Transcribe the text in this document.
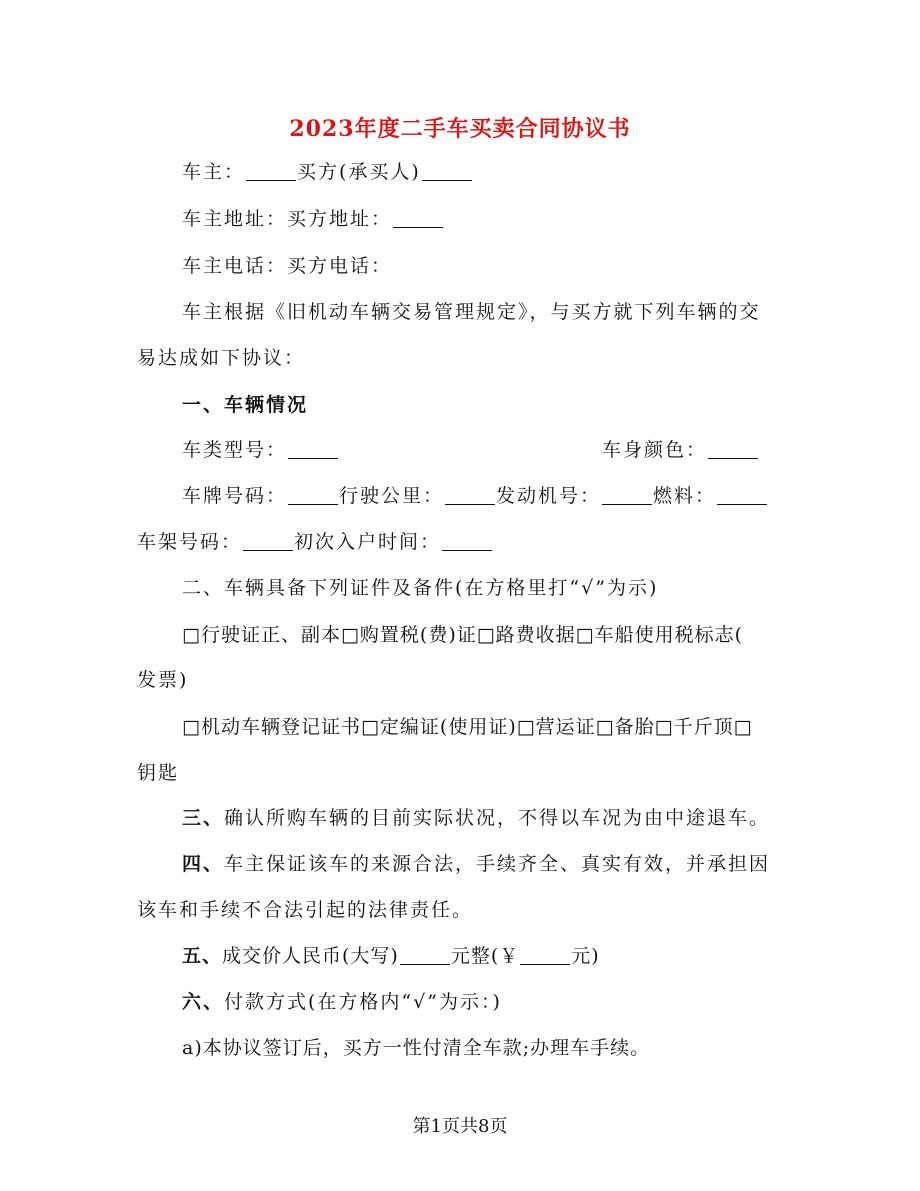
2023年度二手车买卖合同协议书
车主：	买方(承买人)
车主地址：买方地址：
车主电话：买方电话：
车主根据《旧机动车辆交易管理规定》，与买方就下列车辆的交
易达成如下协议：
一、车辆情况
车类型号：	车身颜色：
车牌号码：	行驶公里：	发动机号：	燃料：
车架号码：	初次入户时间：
二、车辆具备下列证件及备件(在方格里打“√”为示)
□行驶证正、副本□购置税(费)证□路费收据□车船使用税标志(
发票)
□机动车辆登记证书□定编证(使用证)□营运证□备胎□千斤顶□
钥匙
三、确认所购车辆的目前实际状况，不得以车况为由中途退车。
四、车主保证该车的来源合法，手续齐全、真实有效，并承担因
该车和手续不合法引起的法律责任。
五、成交价人民币(大写)	元整(￥	元)
六、付款方式(在方格内“√”为示：)
a)本协议签订后，买方一性付清全车款;办理车手续。
第1页共8页
